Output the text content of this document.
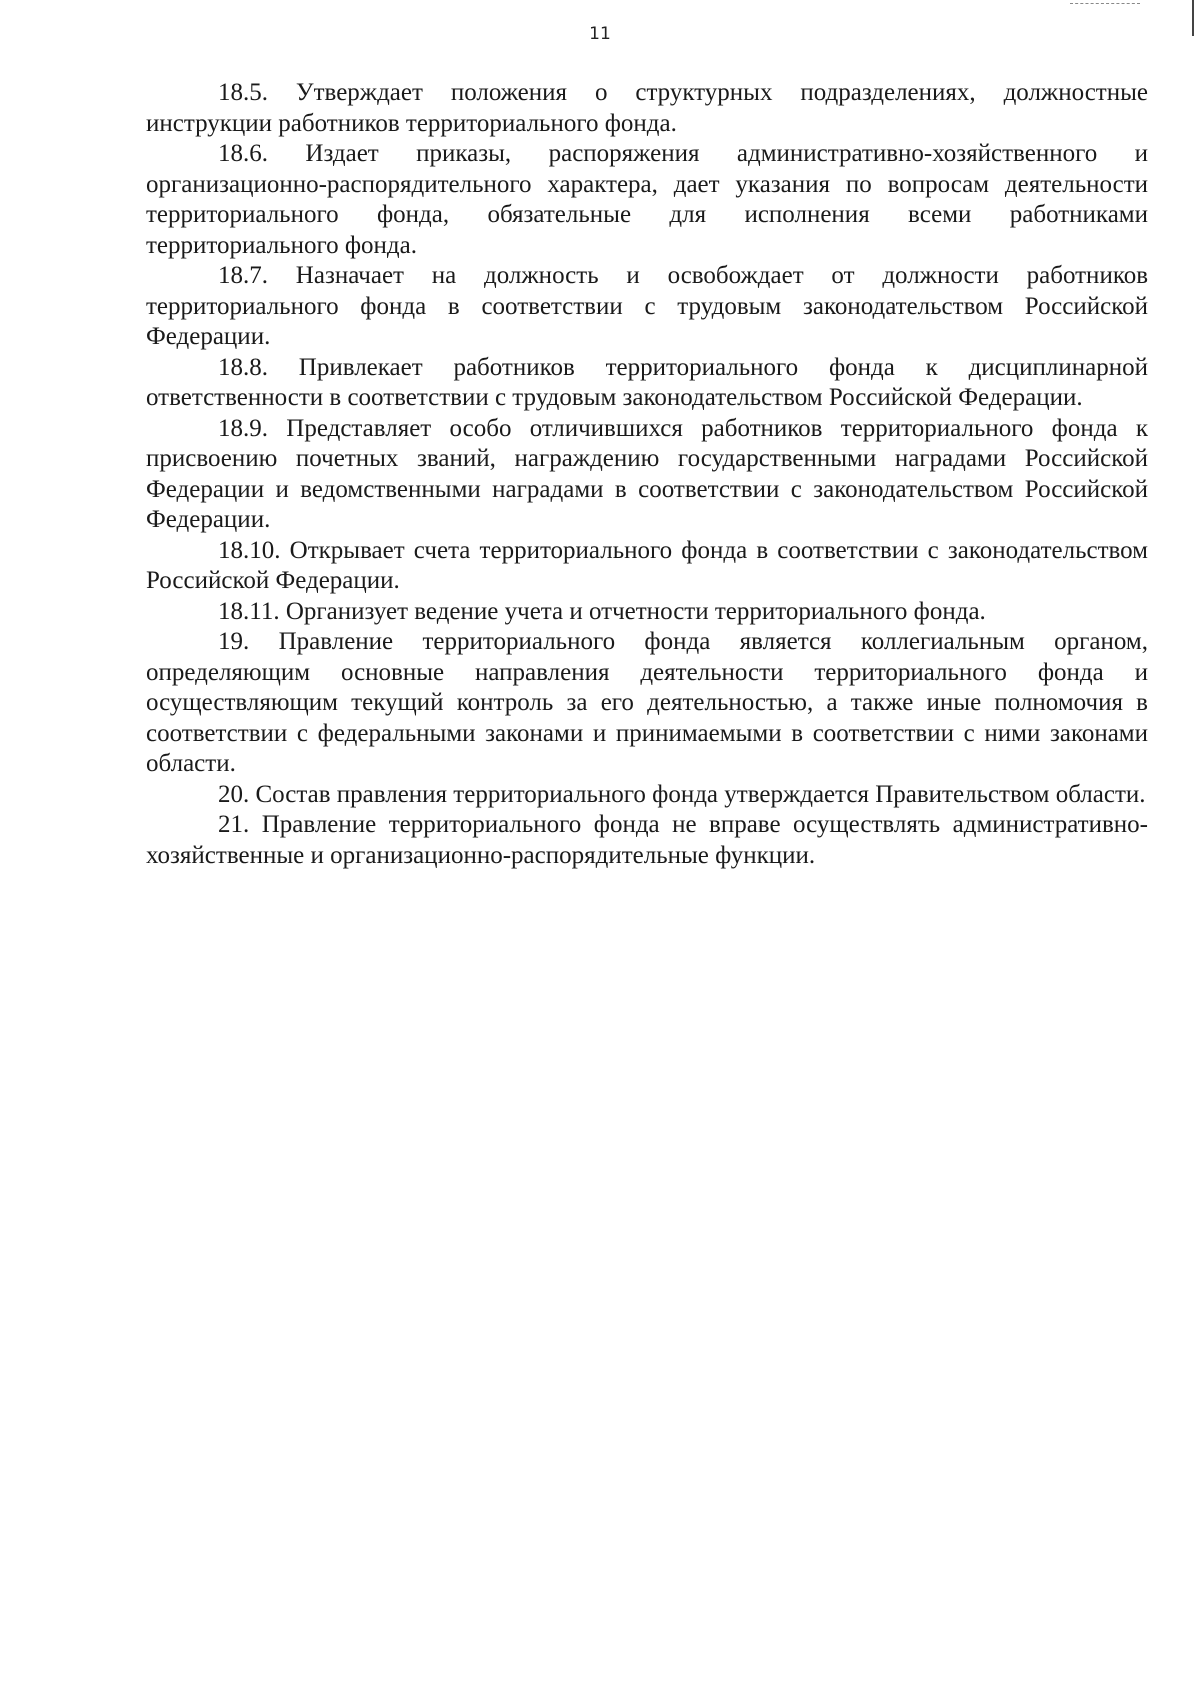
11

18.5. Утверждает положения о структурных подразделениях, должностные инструкции работников территориального фонда.

18.6. Издает приказы, распоряжения административно-хозяйственного и организационно-распорядительного характера, дает указания по вопросам деятельности территориального фонда, обязательные для исполнения всеми работниками территориального фонда.

18.7. Назначает на должность и освобождает от должности работников территориального фонда в соответствии с трудовым законодательством Российской Федерации.

18.8. Привлекает работников территориального фонда к дисциплинарной ответственности в соответствии с трудовым законодательством Российской Федерации.

18.9. Представляет особо отличившихся работников территориального фонда к присвоению почетных званий, награждению государственными наградами Российской Федерации и ведомственными наградами в соответствии с законодательством Российской Федерации.

18.10. Открывает счета территориального фонда в соответствии с законодательством Российской Федерации.

18.11. Организует ведение учета и отчетности территориального фонда.

19. Правление территориального фонда является коллегиальным органом, определяющим основные направления деятельности территориального фонда и осуществляющим текущий контроль за его деятельностью, а также иные полномочия в соответствии с федеральными законами и принимаемыми в соответствии с ними законами области.

20. Состав правления территориального фонда утверждается Правительством области.

21. Правление территориального фонда не вправе осуществлять административно-хозяйственные и организационно-распорядительные функции.
